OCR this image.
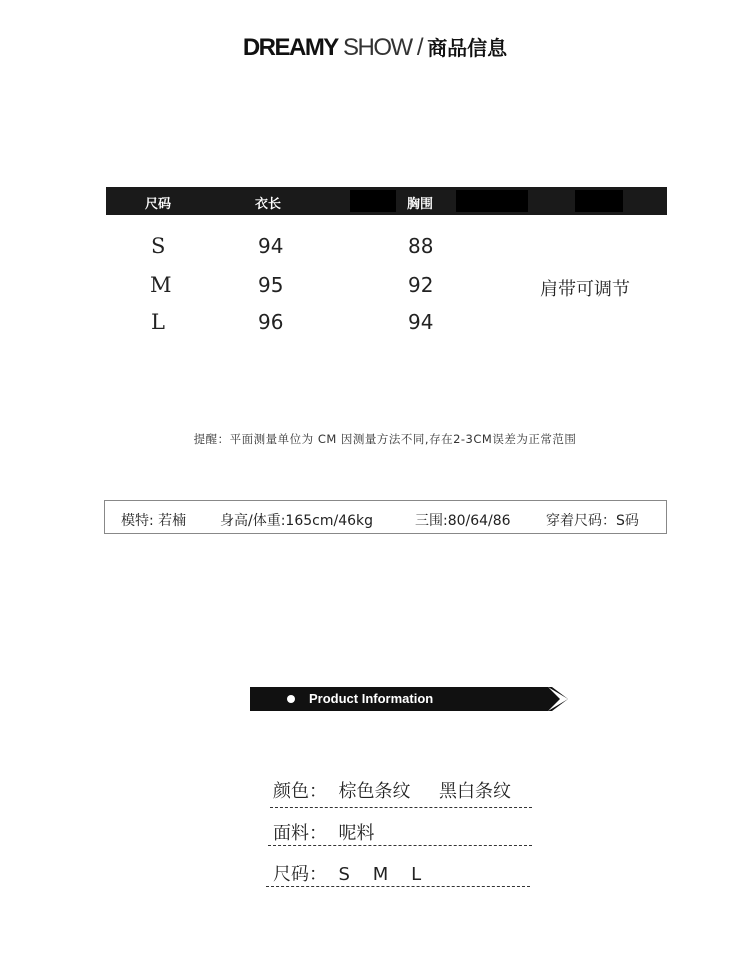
DREAMY SHOW / 商品信息
尺码	衣长	胸围
S	94	88
M	95	92
L	96	94
肩带可调节
提醒：平面测量单位为 CM 因测量方法不同,存在2-3CM误差为正常范围
模特: 若楠 身高/体重:165cm/46kg	三围:80/64/86	穿着尺码：S码
Product Information
颜色：  棕色条纹     黑白条纹
面料：  呢料
尺码：  S    M    L
